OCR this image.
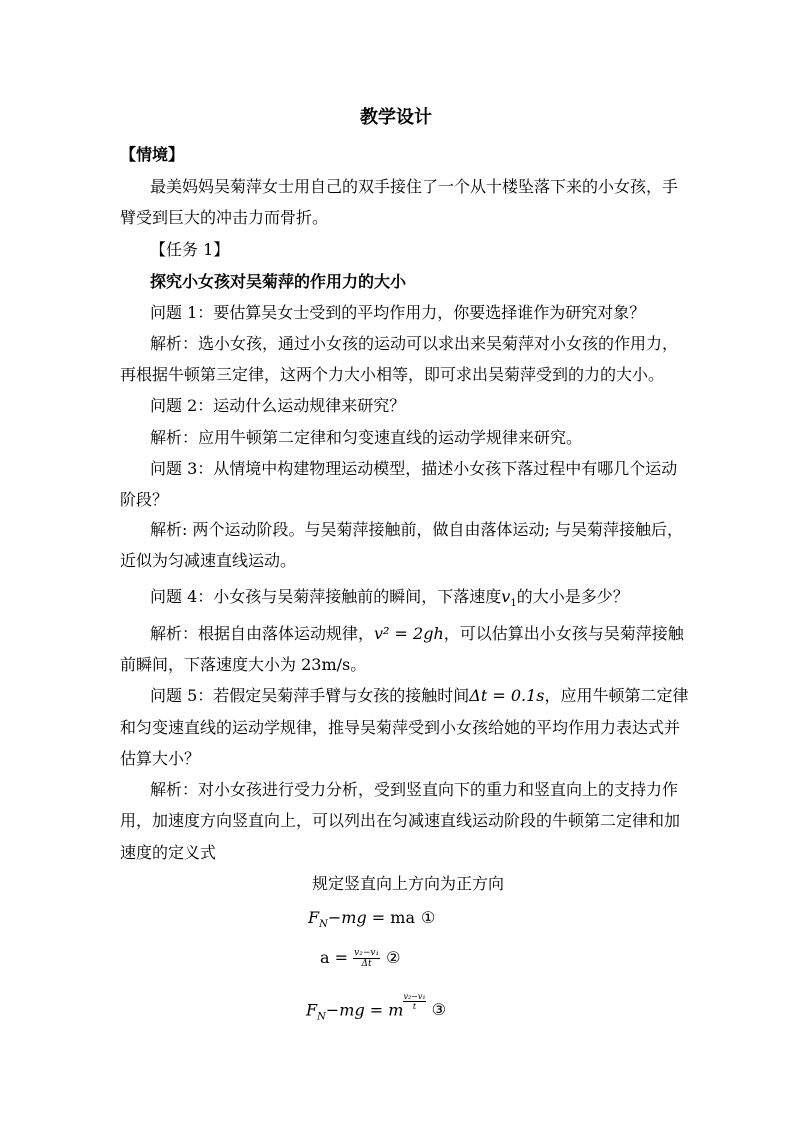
教学设计
【情境】
最美妈妈吴菊萍女士用自己的双手接住了一个从十楼坠落下来的小女孩，手
臂受到巨大的冲击力而骨折。
【任务 1】
探究小女孩对吴菊萍的作用力的大小
问题 1：要估算吴女士受到的平均作用力，你要选择谁作为研究对象？
解析：选小女孩，通过小女孩的运动可以求出来吴菊萍对小女孩的作用力，
再根据牛顿第三定律，这两个力大小相等，即可求出吴菊萍受到的力的大小。
问题 2：运动什么运动规律来研究？
解析：应用牛顿第二定律和匀变速直线的运动学规律来研究。
问题 3：从情境中构建物理运动模型，描述小女孩下落过程中有哪几个运动
阶段？
解析: 两个运动阶段。与吴菊萍接触前，做自由落体运动; 与吴菊萍接触后，
近似为匀减速直线运动。
问题 4：小女孩与吴菊萍接触前的瞬间，下落速度$v_1$的大小是多少？
解析：根据自由落体运动规律，v² = 2gh，可以估算出小女孩与吴菊萍接触
前瞬间，下落速度大小为 23m/s。
问题 5：若假定吴菊萍手臂与女孩的接触时间Δt = 0.1s，应用牛顿第二定律
和匀变速直线的运动学规律，推导吴菊萍受到小女孩给她的平均作用力表达式并
估算大小？
解析：对小女孩进行受力分析，受到竖直向下的重力和竖直向上的支持力作
用，加速度方向竖直向上，可以列出在匀减速直线运动阶段的牛顿第二定律和加
速度的定义式
规定竖直向上方向为正方向
$F_N-mg$ = ma ①
$a = \frac{\text{v₂−v₁}}{\Delta t}$ ②
$F_N-mg = m \frac{\text{v₂−v₁}}{t}$ ③
